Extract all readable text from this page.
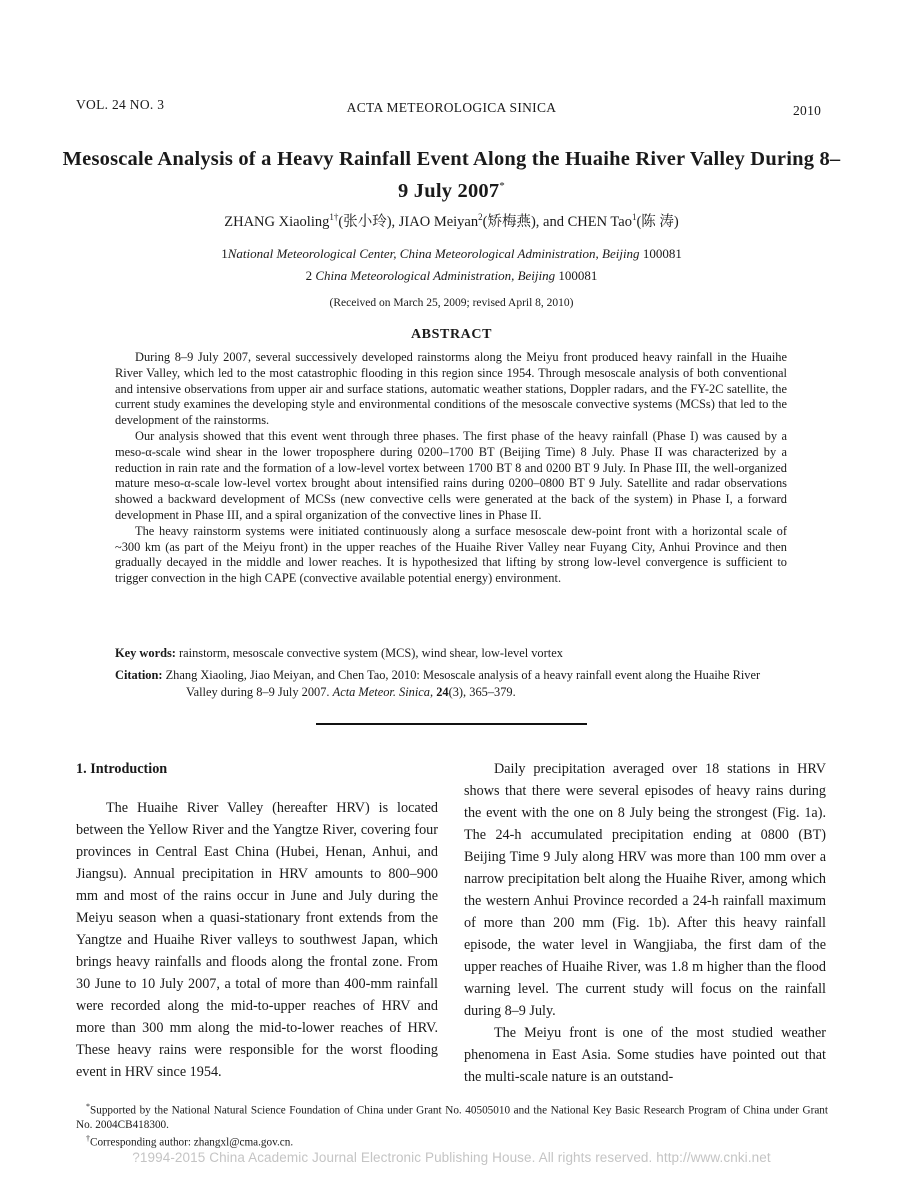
VOL. 24 NO. 3	ACTA METEOROLOGICA SINICA	2010
Mesoscale Analysis of a Heavy Rainfall Event Along the Huaihe River Valley During 8–9 July 2007*
ZHANG Xiaoling$^{1\dagger}$(张小玲), JIAO Meiyan$^2$(矫梅燕), and CHEN Tao$^1$(陈 涛)
1National Meteorological Center, China Meteorological Administration, Beijing 100081
2 China Meteorological Administration, Beijing 100081
(Received on March 25, 2009; revised April 8, 2010)
ABSTRACT

During 8–9 July 2007, several successively developed rainstorms along the Meiyu front produced heavy rainfall in the Huaihe River Valley, which led to the most catastrophic flooding in this region since 1954. Through mesoscale analysis of both conventional and intensive observations from upper air and surface stations, automatic weather stations, Doppler radars, and the FY-2C satellite, the current study examines the developing style and environmental conditions of the mesoscale convective systems (MCSs) that led to the development of the rainstorms.

Our analysis showed that this event went through three phases. The first phase of the heavy rainfall (Phase I) was caused by a meso-α-scale wind shear in the lower troposphere during 0200–1700 BT (Beijing Time) 8 July. Phase II was characterized by a reduction in rain rate and the formation of a low-level vortex between 1700 BT 8 and 0200 BT 9 July. In Phase III, the well-organized mature meso-α-scale low-level vortex brought about intensified rains during 0200–0800 BT 9 July. Satellite and radar observations showed a backward development of MCSs (new convective cells were generated at the back of the system) in Phase I, a forward development in Phase III, and a spiral organization of the convective lines in Phase II.

The heavy rainstorm systems were initiated continuously along a surface mesoscale dew-point front with a horizontal scale of ~300 km (as part of the Meiyu front) in the upper reaches of the Huaihe River Valley near Fuyang City, Anhui Province and then gradually decayed in the middle and lower reaches. It is hypothesized that lifting by strong low-level convergence is sufficient to trigger convection in the high CAPE (convective available potential energy) environment.

Key words: rainstorm, mesoscale convective system (MCS), wind shear, low-level vortex
Citation: Zhang Xiaoling, Jiao Meiyan, and Chen Tao, 2010: Mesoscale analysis of a heavy rainfall event along the Huaihe River Valley during 8–9 July 2007. Acta Meteor. Sinica, 24(3), 365–379.

1. Introduction

The Huaihe River Valley (hereafter HRV) is located between the Yellow River and the Yangtze River, covering four provinces in Central East China (Hubei, Henan, Anhui, and Jiangsu). Annual precipitation in HRV amounts to 800–900 mm and most of the rains occur in June and July during the Meiyu season when a quasi-stationary front extends from the Yangtze and Huaihe River valleys to southwest Japan, which brings heavy rainfalls and floods along the frontal zone. From 30 June to 10 July 2007, a total of more than 400-mm rainfall were recorded along the mid-to-upper reaches of HRV and more than 300 mm along the mid-to-lower reaches of HRV. These heavy rains were responsible for the worst flooding event in HRV since 1954.

Daily precipitation averaged over 18 stations in HRV shows that there were several episodes of heavy rains during the event with the one on 8 July being the strongest (Fig. 1a). The 24-h accumulated precipitation ending at 0800 (BT) Beijing Time 9 July along HRV was more than 100 mm over a narrow precipitation belt along the Huaihe River, among which the western Anhui Province recorded a 24-h rainfall maximum of more than 200 mm (Fig. 1b). After this heavy rainfall episode, the water level in Wangjiaba, the first dam of the upper reaches of Huaihe River, was 1.8 m higher than the flood warning level. The current study will focus on the rainfall during 8–9 July.

The Meiyu front is one of the most studied weather phenomena in East Asia. Some studies have pointed out that the multi-scale nature is an outstand-

*Supported by the National Natural Science Foundation of China under Grant No. 40505010 and the National Key Basic Research Program of China under Grant No. 2004CB418300.

†Corresponding author: zhangxl@cma.gov.cn.

?1994-2015 China Academic Journal Electronic Publishing House. All rights reserved. http://www.cnki.net
